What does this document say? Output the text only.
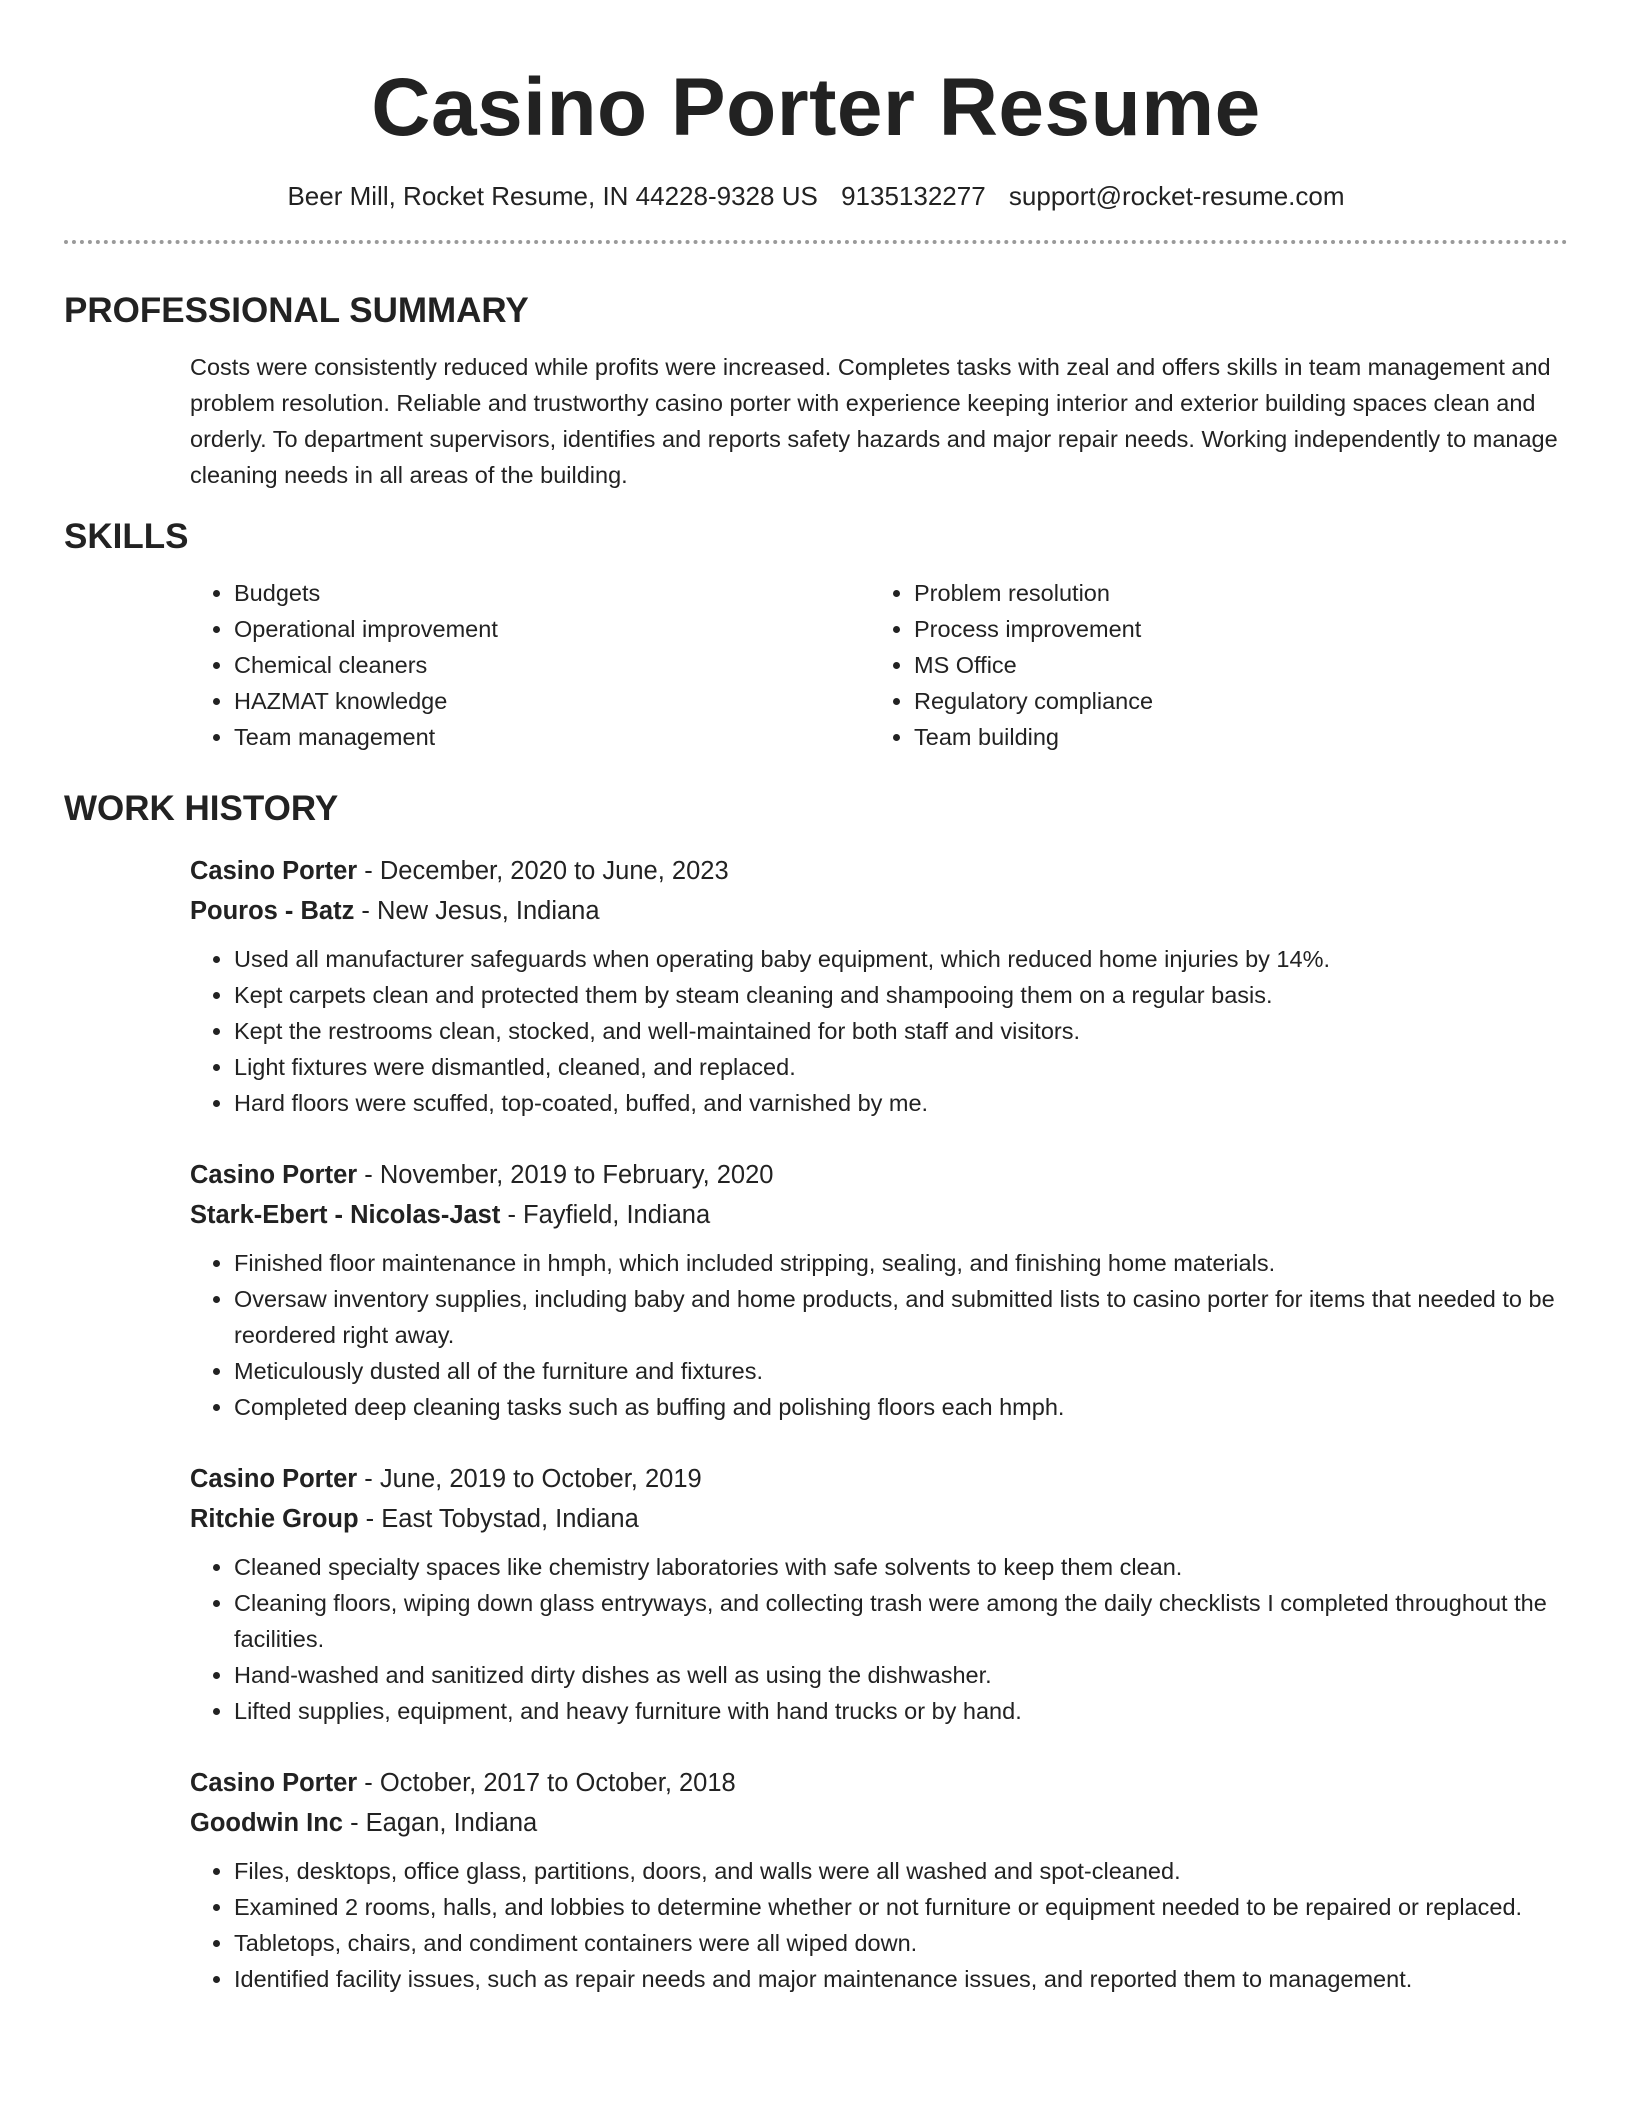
Casino Porter Resume
Beer Mill, Rocket Resume, IN 44228-9328 US 9135132277 support@rocket-resume.com
PROFESSIONAL SUMMARY
Costs were consistently reduced while profits were increased. Completes tasks with zeal and offers skills in team management and problem resolution. Reliable and trustworthy casino porter with experience keeping interior and exterior building spaces clean and orderly. To department supervisors, identifies and reports safety hazards and major repair needs. Working independently to manage cleaning needs in all areas of the building.
SKILLS
• Budgets
• Operational improvement
• Chemical cleaners
• HAZMAT knowledge
• Team management
• Problem resolution
• Process improvement
• MS Office
• Regulatory compliance
• Team building
WORK HISTORY
Casino Porter - December, 2020 to June, 2023
Pouros - Batz - New Jesus, Indiana
• Used all manufacturer safeguards when operating baby equipment, which reduced home injuries by 14%.
• Kept carpets clean and protected them by steam cleaning and shampooing them on a regular basis.
• Kept the restrooms clean, stocked, and well-maintained for both staff and visitors.
• Light fixtures were dismantled, cleaned, and replaced.
• Hard floors were scuffed, top-coated, buffed, and varnished by me.
Casino Porter - November, 2019 to February, 2020
Stark-Ebert - Nicolas-Jast - Fayfield, Indiana
• Finished floor maintenance in hmph, which included stripping, sealing, and finishing home materials.
• Oversaw inventory supplies, including baby and home products, and submitted lists to casino porter for items that needed to be reordered right away.
• Meticulously dusted all of the furniture and fixtures.
• Completed deep cleaning tasks such as buffing and polishing floors each hmph.
Casino Porter - June, 2019 to October, 2019
Ritchie Group - East Tobystad, Indiana
• Cleaned specialty spaces like chemistry laboratories with safe solvents to keep them clean.
• Cleaning floors, wiping down glass entryways, and collecting trash were among the daily checklists I completed throughout the facilities.
• Hand-washed and sanitized dirty dishes as well as using the dishwasher.
• Lifted supplies, equipment, and heavy furniture with hand trucks or by hand.
Casino Porter - October, 2017 to October, 2018
Goodwin Inc - Eagan, Indiana
• Files, desktops, office glass, partitions, doors, and walls were all washed and spot-cleaned.
• Examined 2 rooms, halls, and lobbies to determine whether or not furniture or equipment needed to be repaired or replaced.
• Tabletops, chairs, and condiment containers were all wiped down.
• Identified facility issues, such as repair needs and major maintenance issues, and reported them to management.
